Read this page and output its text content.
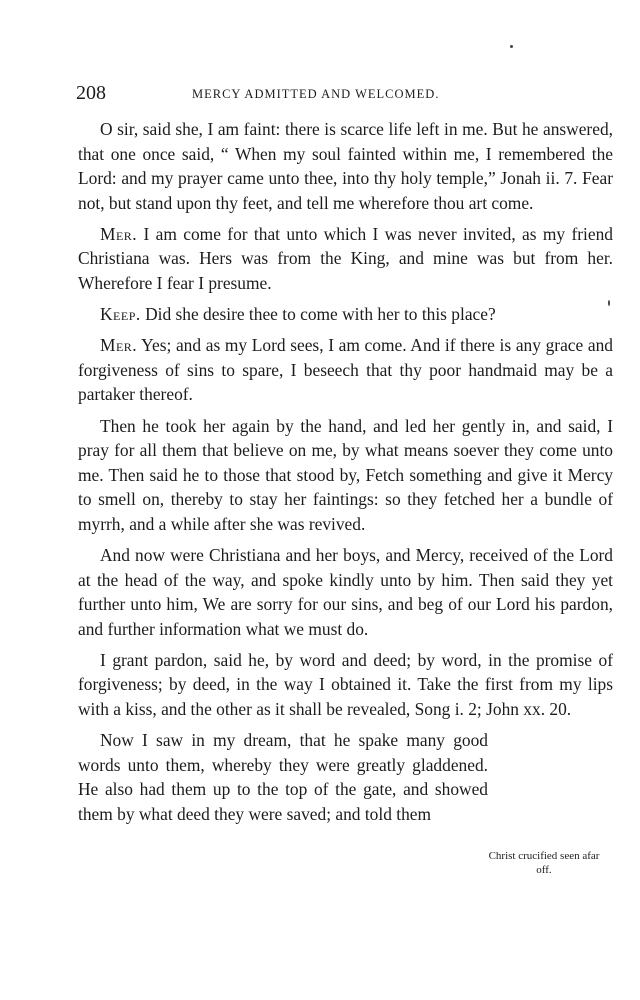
208	MERCY ADMITTED AND WELCOMED.

O sir, said she, I am faint: there is scarce life left in me. But he answered, that one once said, “ When my soul fainted within me, I remembered the Lord: and my prayer came unto thee, into thy holy temple,” Jonah ii. 7. Fear not, but stand upon thy feet, and tell me wherefore thou art come.

Mer. I am come for that unto which I was never invited, as my friend Christiana was. Hers was from the King, and mine was but from her. Wherefore I fear I presume.

Keep. Did she desire thee to come with her to this place?

Mer. Yes; and as my Lord sees, I am come. And if there is any grace and forgiveness of sins to spare, I beseech that thy poor handmaid may be a partaker thereof.

Then he took her again by the hand, and led her gently in, and said, I pray for all them that believe on me, by what means soever they come unto me. Then said he to those that stood by, Fetch something and give it Mercy to smell on, thereby to stay her faintings: so they fetched her a bundle of myrrh, and a while after she was revived.

And now were Christiana and her boys, and Mercy, received of the Lord at the head of the way, and spoke kindly unto by him. Then said they yet further unto him, We are sorry for our sins, and beg of our Lord his pardon, and further information what we must do.

I grant pardon, said he, by word and deed; by word, in the promise of forgiveness; by deed, in the way I obtained it. Take the first from my lips with a kiss, and the other as it shall be revealed, Song i. 2; John xx. 20.

Now I saw in my dream, that he spake many good words unto them, whereby they were greatly gladdened. He also had them up to the top of the gate, and showed them by what deed they were saved; and told them

Christ crucified seen afar off.
